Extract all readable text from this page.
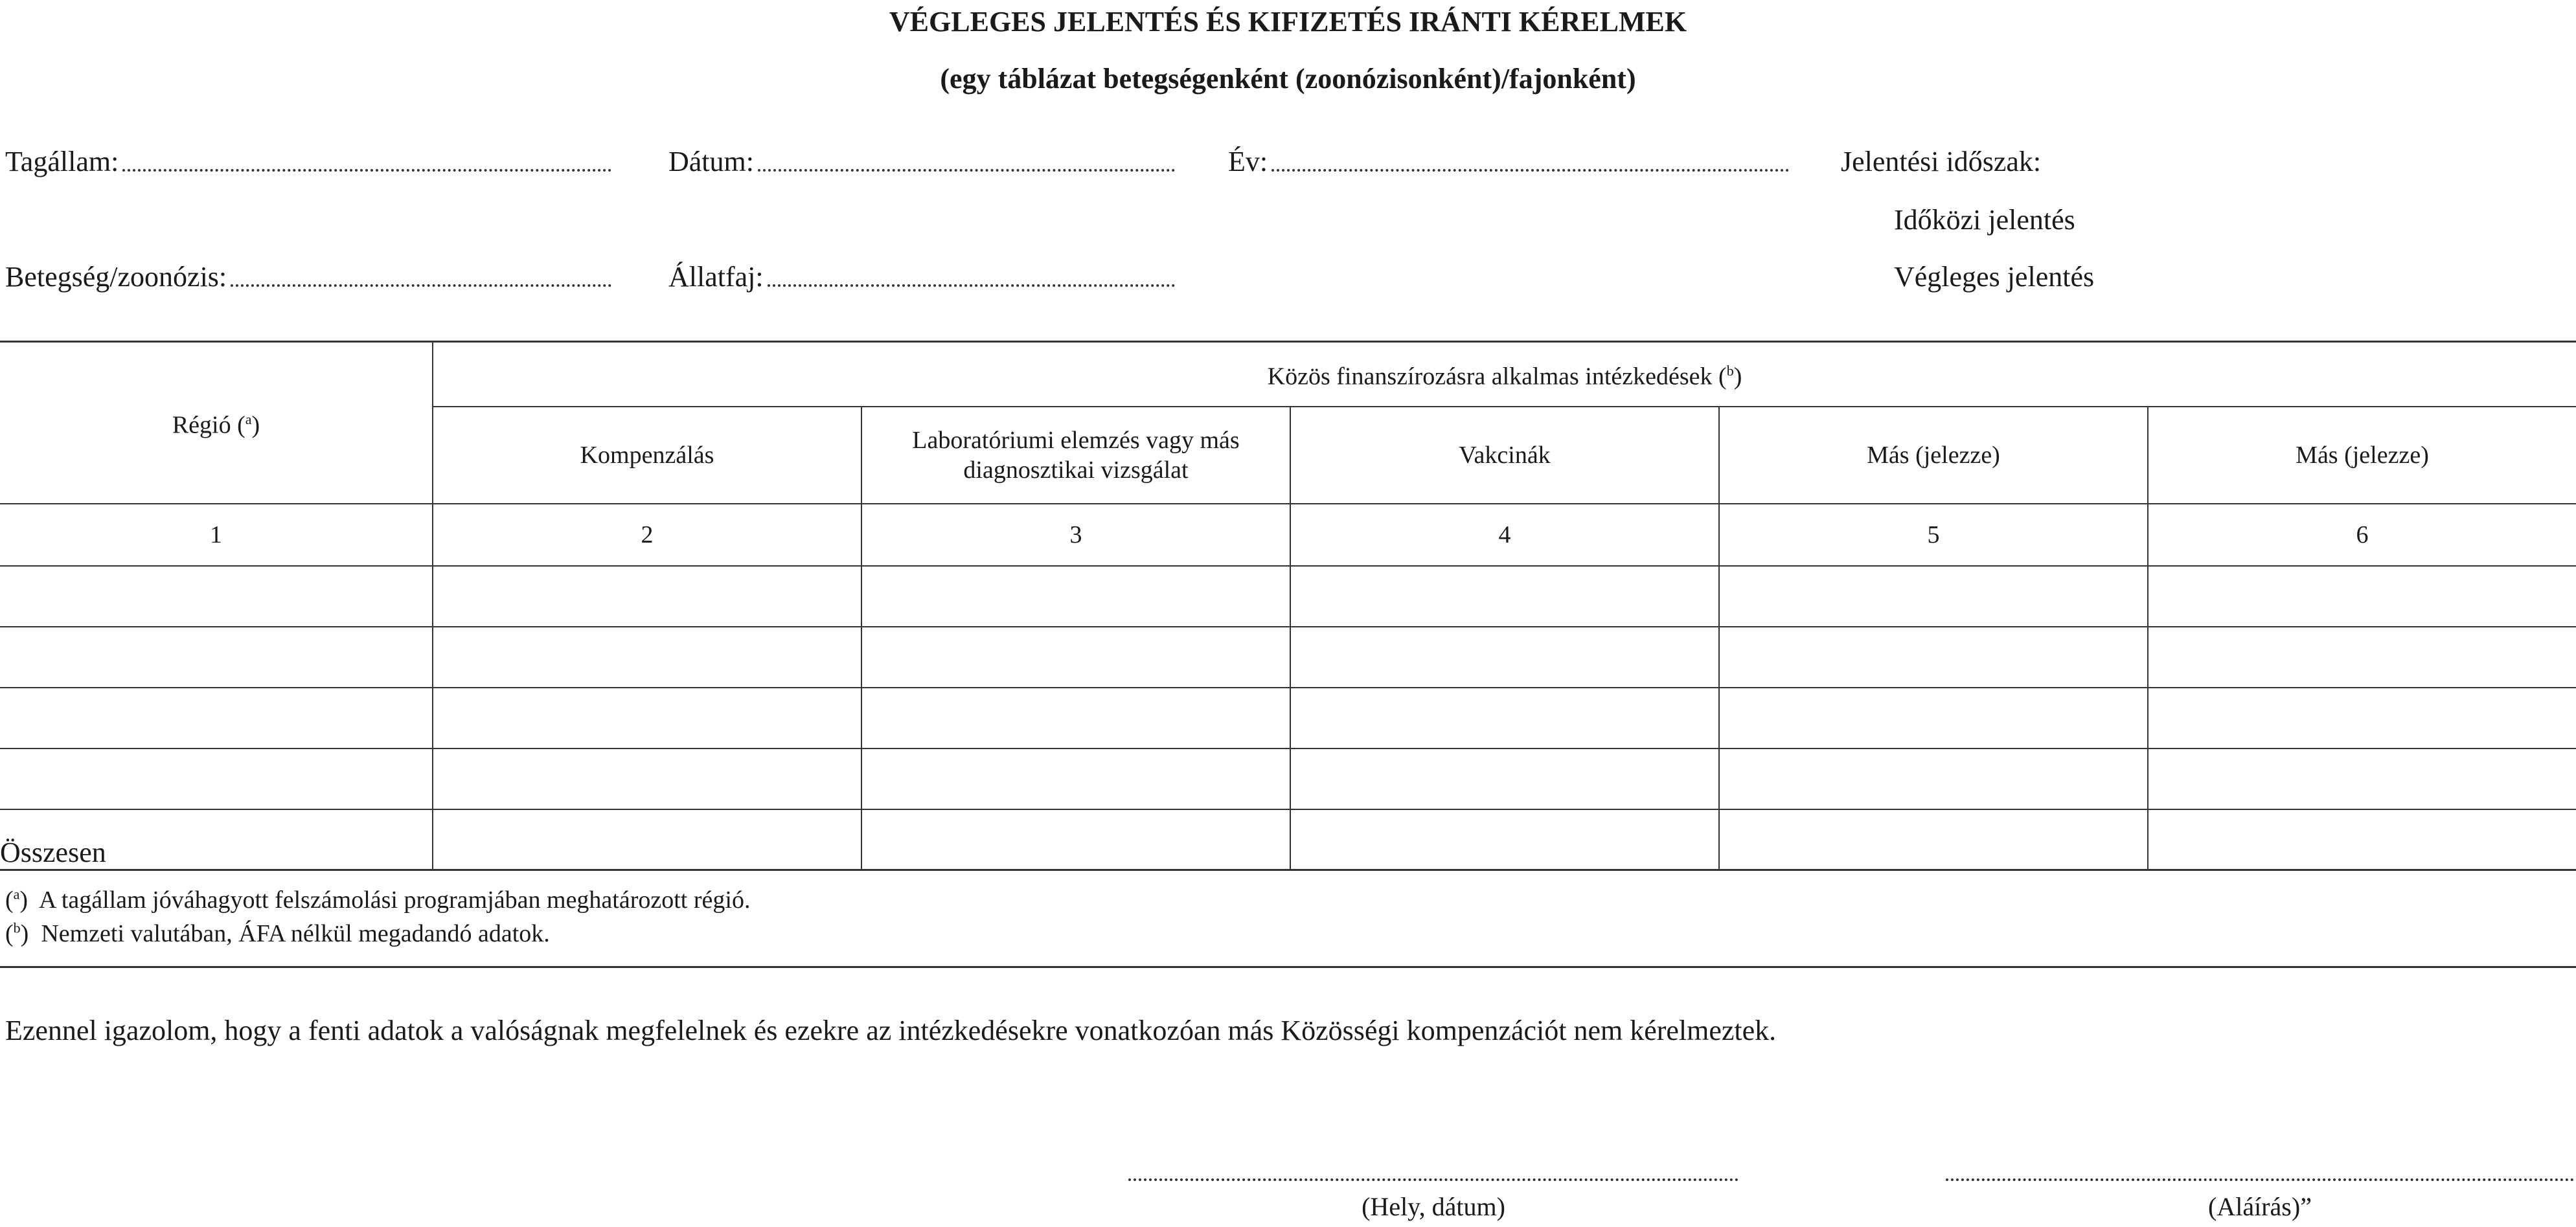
VÉGLEGES JELENTÉS ÉS KIFIZETÉS IRÁNTI KÉRELMEK
(egy táblázat betegségenként (zoonózisonként)/fajonként)
Tagállam:	Dátum:	Év:	Jelentési időszak:
Időközi jelentés
Végleges jelentés
Betegség/zoonózis:	Állatfaj:
Régió ($^a$)	Közös finanszírozásra alkalmas intézkedések ($^b$)				
	Kompenzálás	Laboratóriumi elemzés vagy más diagnosztikai vizsgálat	Vakcinák	Más (jelezze)	Más (jelezze)
1	2	3	4	5	6

Összesen					
($^a$)  A tagállam jóváhagyott felszámolási programjában meghatározott régió.
($^b$)  Nemzeti valutában, ÁFA nélkül megadandó adatok.
Ezennel igazolom, hogy a fenti adatok a valóságnak megfelelnek és ezekre az intézkedésekre vonatkozóan más Közösségi kompenzációt nem kérelmeztek.
(Hely, dátum)	(Aláírás)”
